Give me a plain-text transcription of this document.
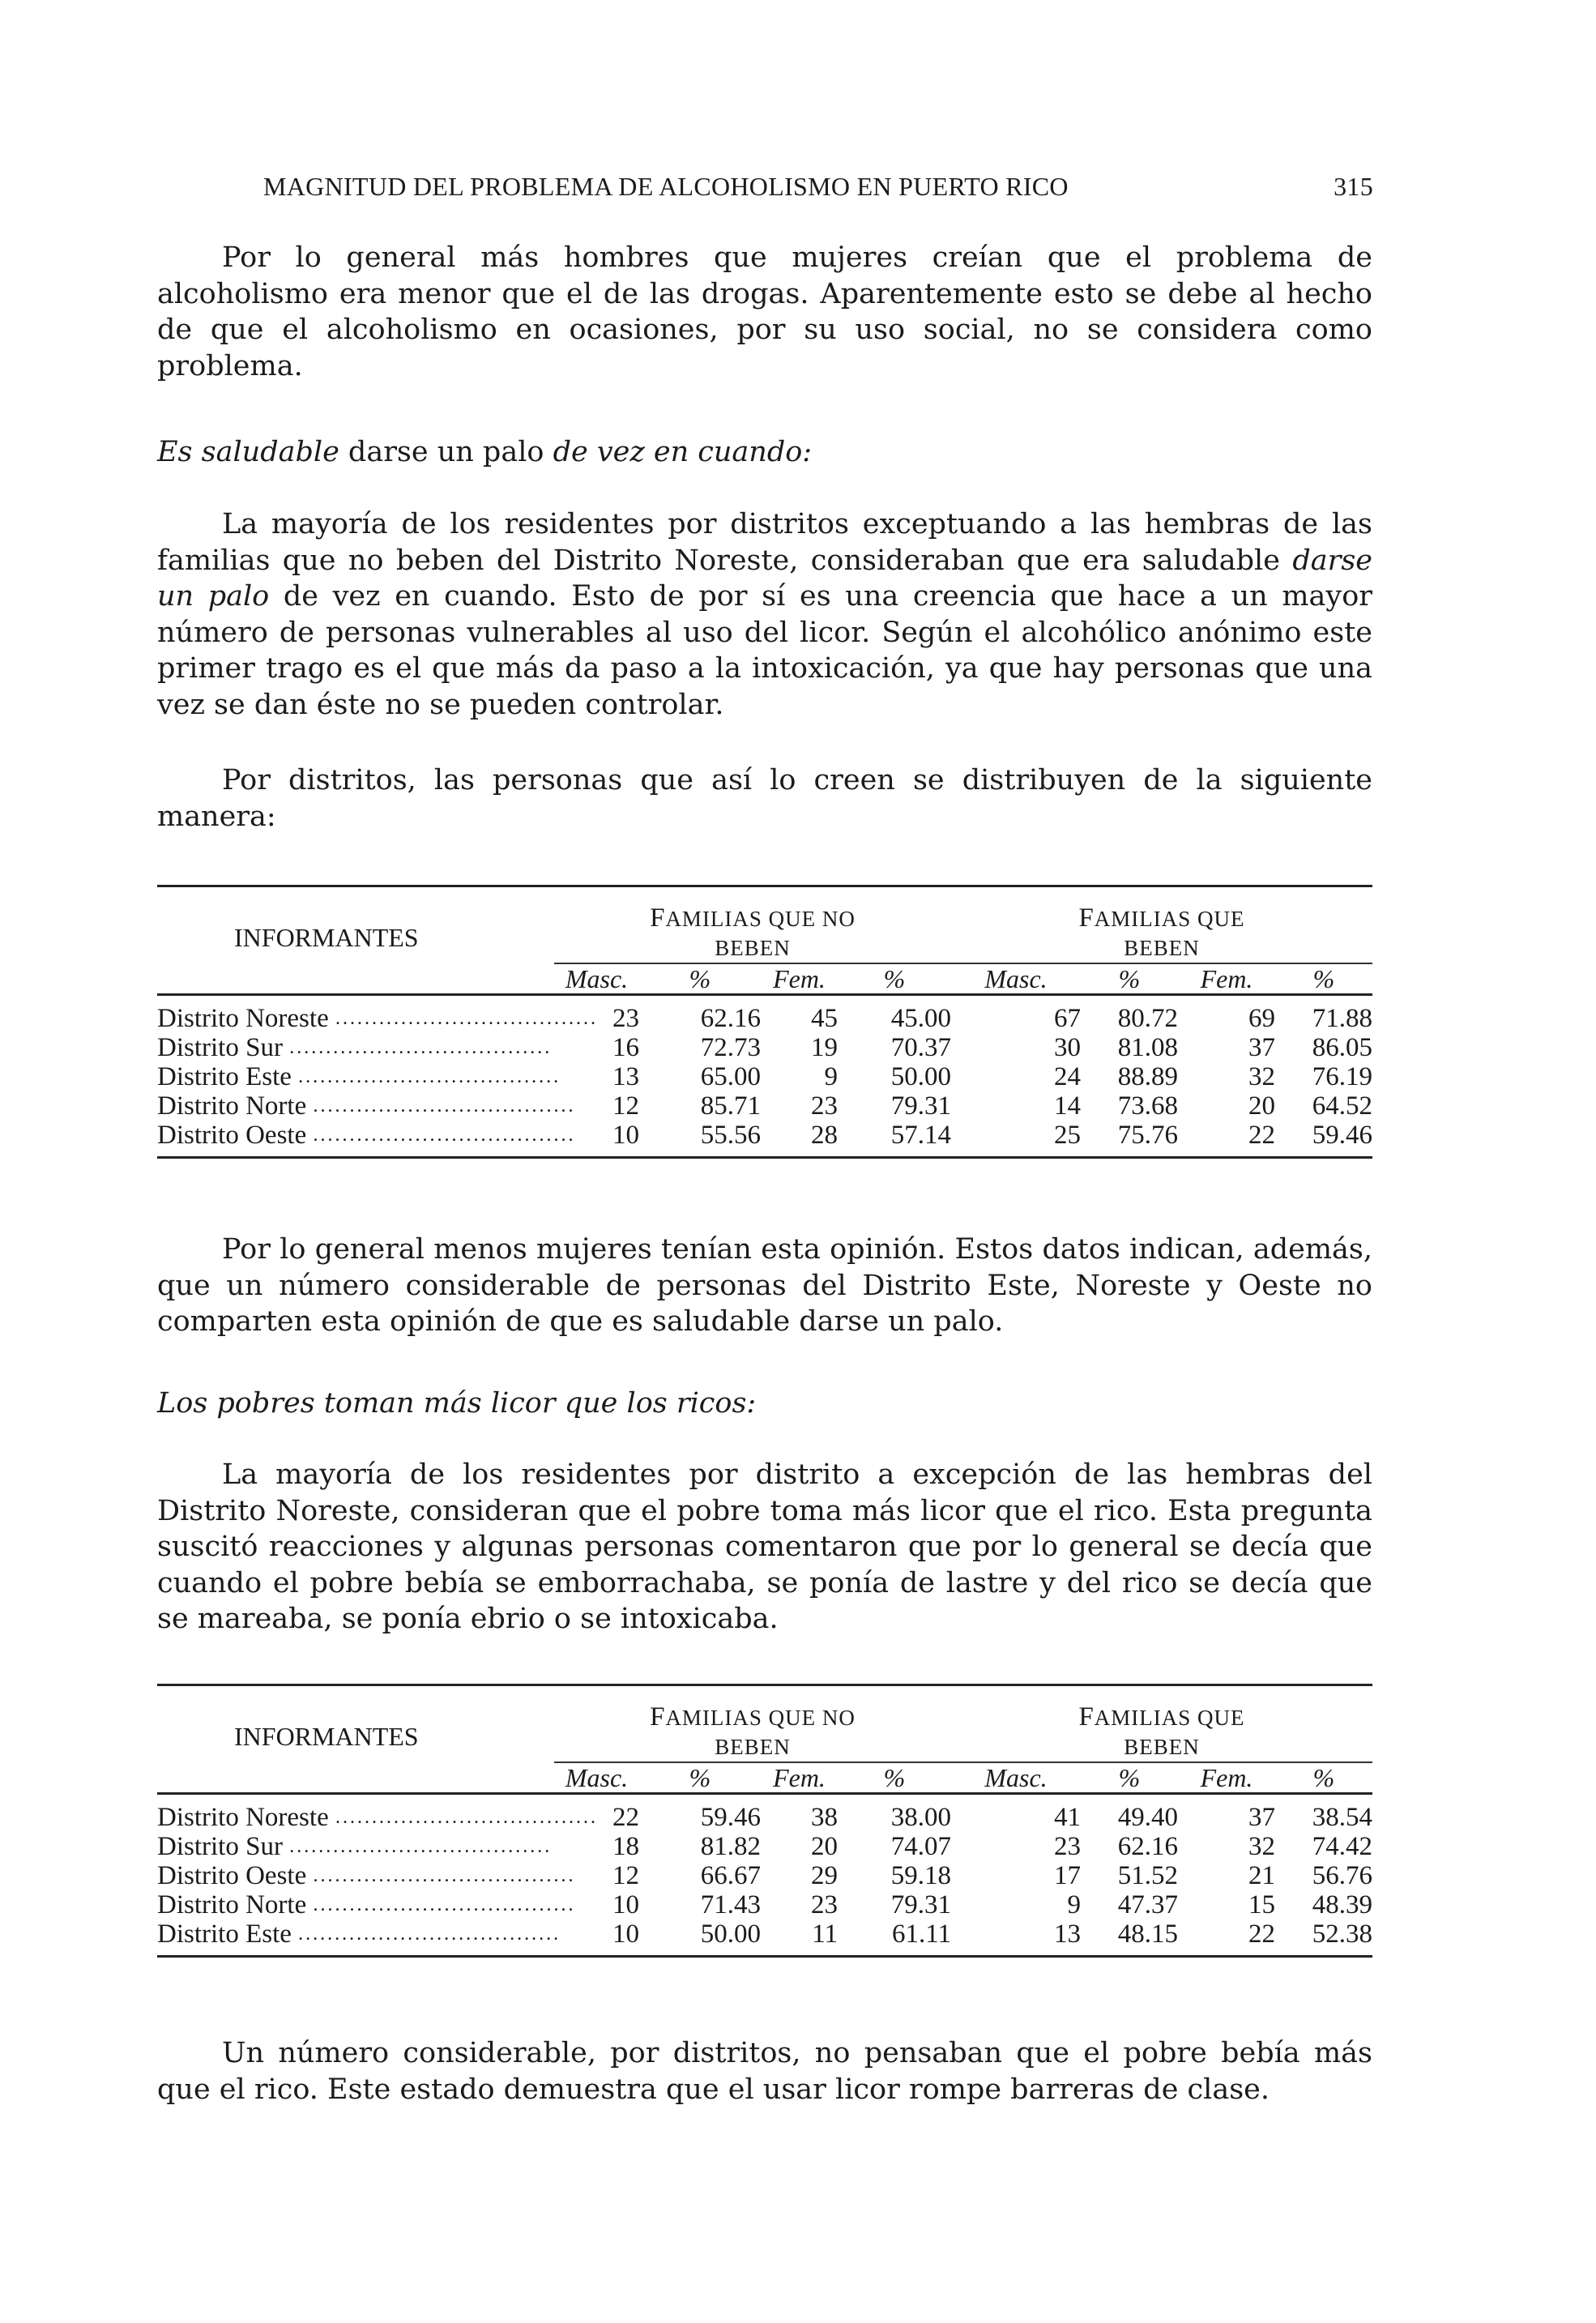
MAGNITUD DEL PROBLEMA DE ALCOHOLISMO EN PUERTO RICO	315

Por lo general más hombres que mujeres creían que el problema de alcoholismo era menor que el de las drogas. Aparentemente esto se debe al hecho de que el alcoholismo en ocasiones, por su uso social, no se considera como problema.

Es saludable darse un palo de vez en cuando:

La mayoría de los residentes por distritos exceptuando a las hembras de las familias que no beben del Distrito Noreste, consideraban que era saludable darse un palo de vez en cuando. Esto de por sí es una creencia que hace a un mayor número de personas vulnerables al uso del licor. Según el alcohólico anónimo este primer trago es el que más da paso a la intoxicación, ya que hay personas que una vez se dan éste no se pueden controlar.

Por distritos, las personas que así lo creen se distribuyen de la siguiente manera:

INFORMANTES	FAMILIAS QUE NO				FAMILIAS QUE			
	BEBEN				BEBEN			
	Masc.	%	Fem.	%	Masc.	%	Fem.	%
Distrito Noreste ....................................	23	62.16	45	45.00	67	80.72	69	71.88
Distrito Sur ....................................	16	72.73	19	70.37	30	81.08	37	86.05
Distrito Este ....................................	13	65.00	9	50.00	24	88.89	32	76.19
Distrito Norte ....................................	12	85.71	23	79.31	14	73.68	20	64.52
Distrito Oeste ....................................	10	55.56	28	57.14	25	75.76	22	59.46

Por lo general menos mujeres tenían esta opinión. Estos datos indican, además, que un número considerable de personas del Distrito Este, Noreste y Oeste no comparten esta opinión de que es saludable darse un palo.

Los pobres toman más licor que los ricos:

La mayoría de los residentes por distrito a excepción de las hembras del Distrito Noreste, consideran que el pobre toma más licor que el rico. Esta pregunta suscitó reacciones y algunas personas comentaron que por lo general se decía que cuando el pobre bebía se emborrachaba, se ponía de lastre y del rico se decía que se mareaba, se ponía ebrio o se intoxicaba.

INFORMANTES	FAMILIAS QUE NO				FAMILIAS QUE			
	BEBEN				BEBEN			
	Masc.	%	Fem.	%	Masc.	%	Fem.	%
Distrito Noreste ....................................	22	59.46	38	38.00	41	49.40	37	38.54
Distrito Sur ....................................	18	81.82	20	74.07	23	62.16	32	74.42
Distrito Oeste ....................................	12	66.67	29	59.18	17	51.52	21	56.76
Distrito Norte ....................................	10	71.43	23	79.31	9	47.37	15	48.39
Distrito Este ....................................	10	50.00	11	61.11	13	48.15	22	52.38

Un número considerable, por distritos, no pensaban que el pobre bebía más que el rico. Este estado demuestra que el usar licor rompe barreras de clase.
